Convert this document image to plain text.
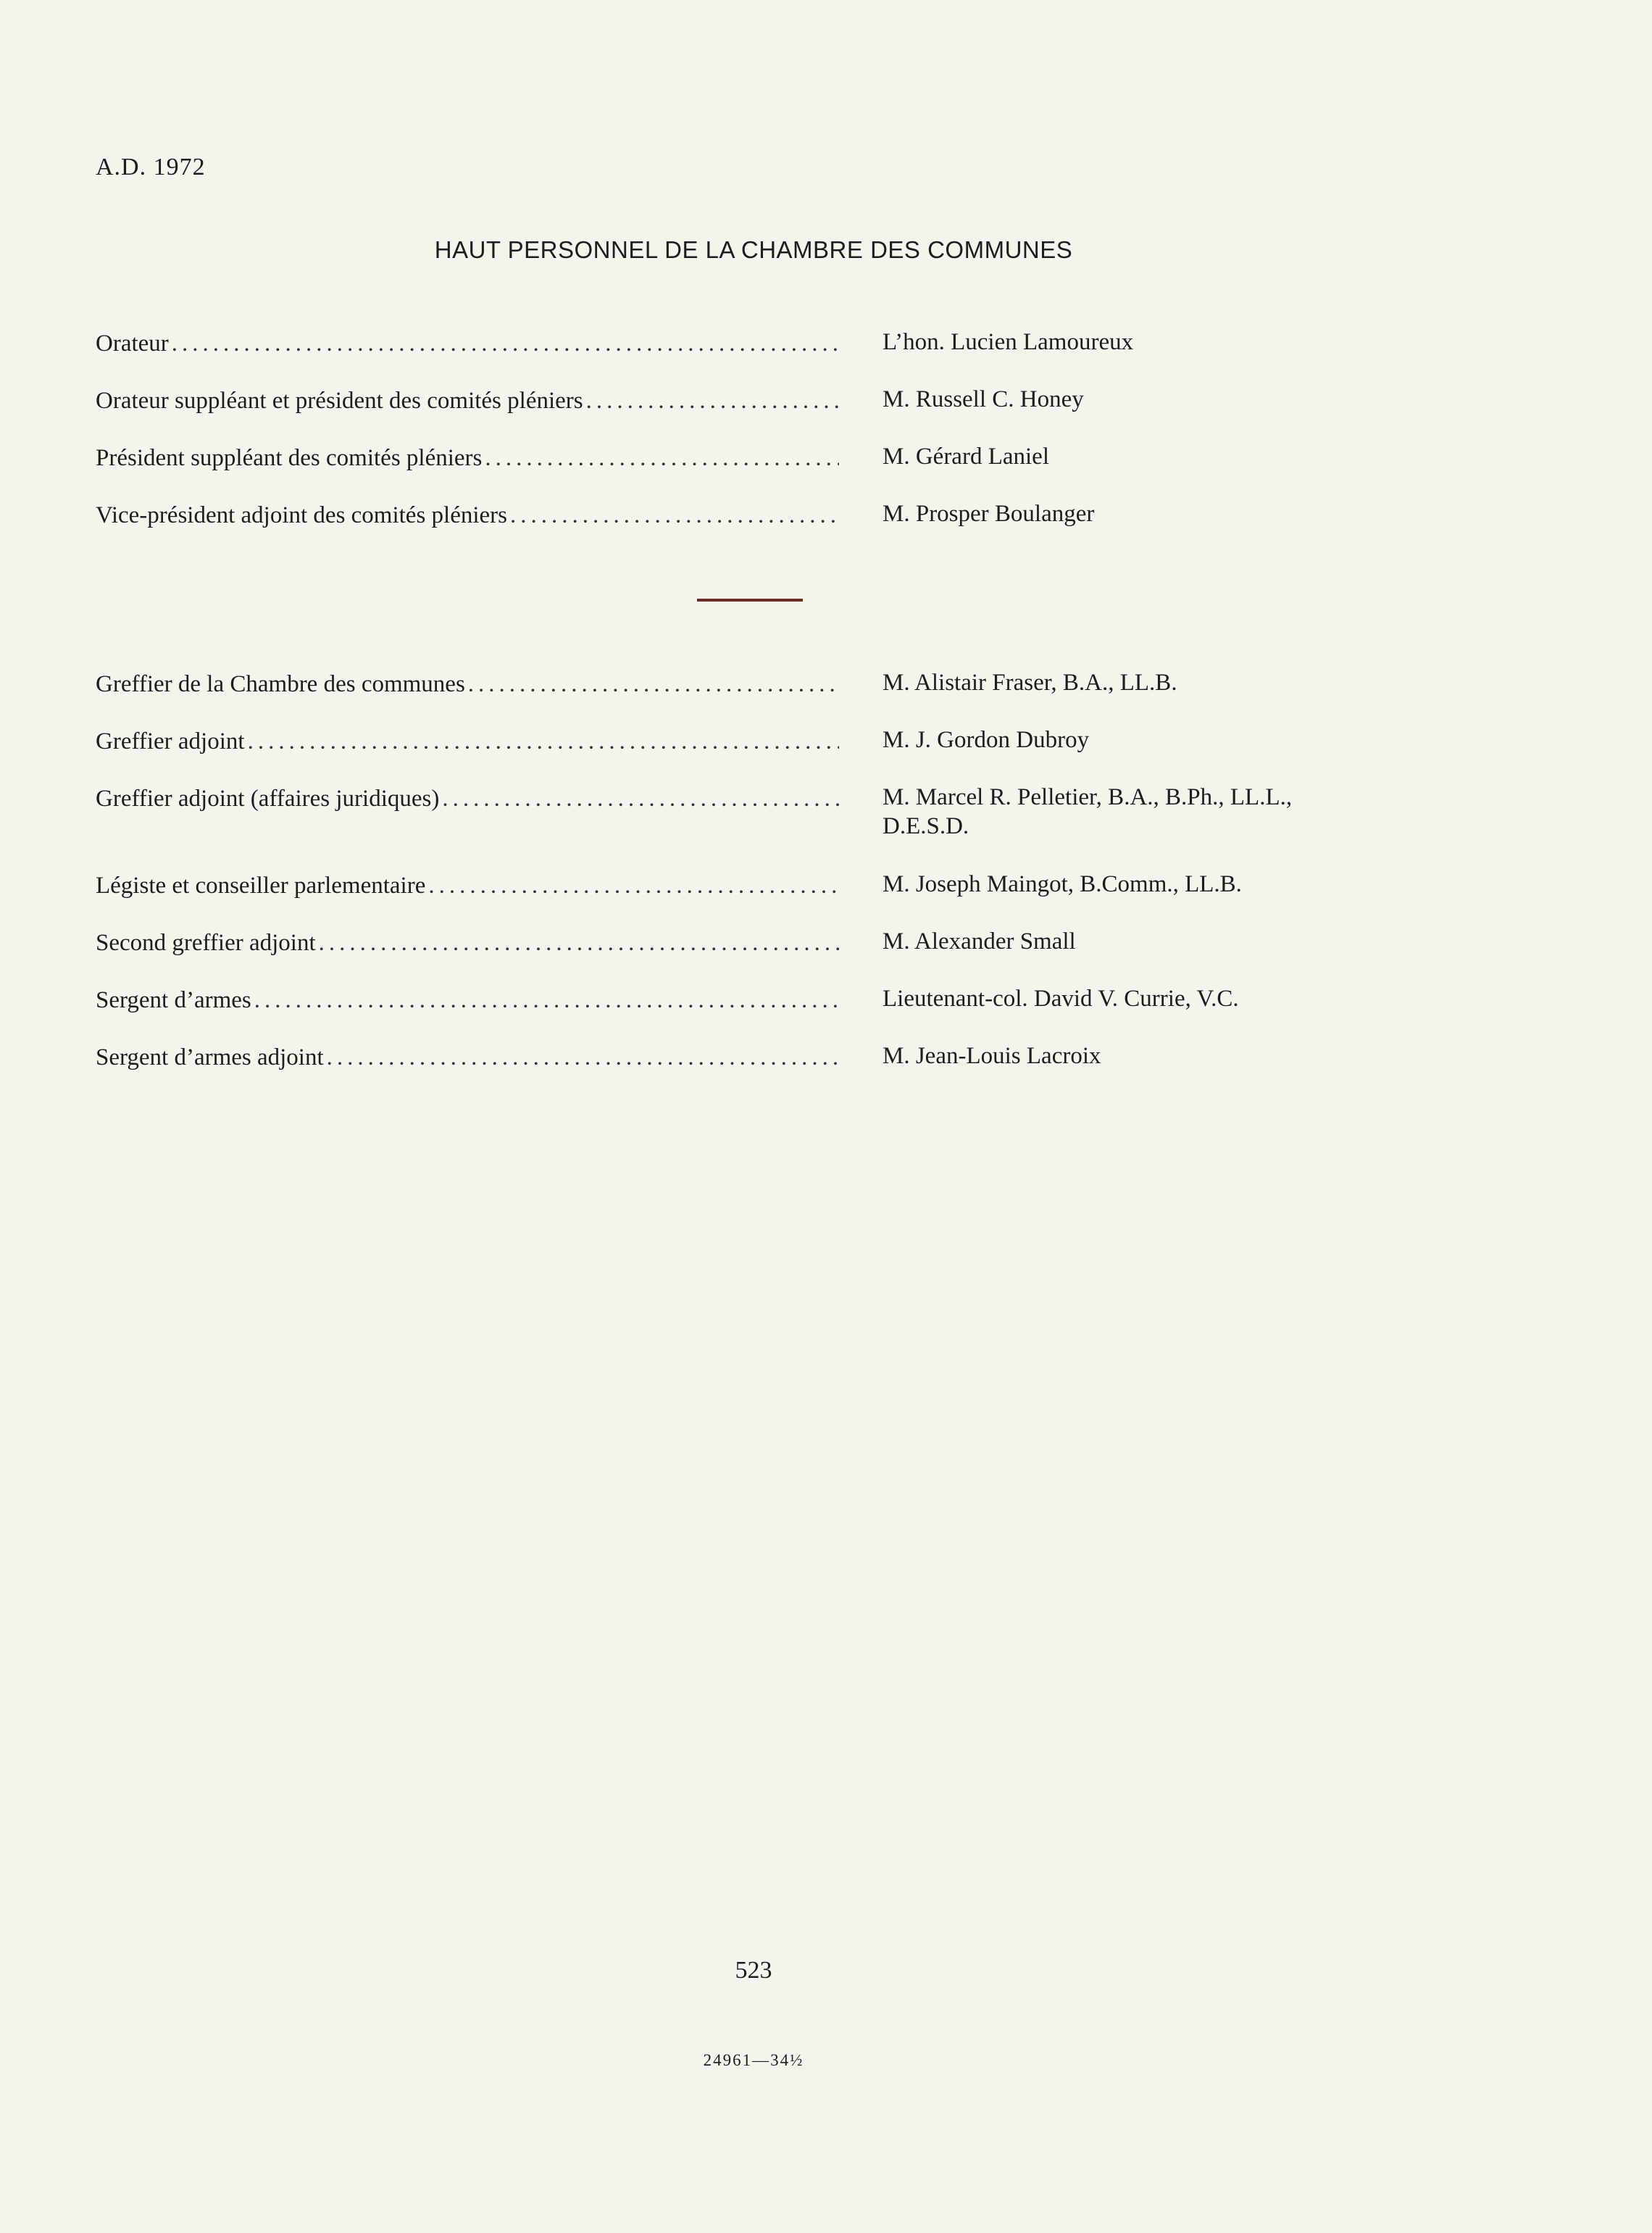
A.D. 1972
HAUT PERSONNEL DE LA CHAMBRE DES COMMUNES
Orateur .....	L’hon. Lucien Lamoureux
Orateur suppléant et président des comités pléniers .....	M. Russell C. Honey
Président suppléant des comités pléniers .....	M. Gérard Laniel
Vice-président adjoint des comités pléniers .....	M. Prosper Boulanger
Greffier de la Chambre des communes .....	M. Alistair Fraser, B.A., LL.B.
Greffier adjoint .....	M. J. Gordon Dubroy
Greffier adjoint (affaires juridiques) .....	M. Marcel R. Pelletier, B.A., B.Ph., LL.L.,
D.E.S.D.
Légiste et conseiller parlementaire .....	M. Joseph Maingot, B.Comm., LL.B.
Second greffier adjoint .....	M. Alexander Small
Sergent d’armes .....	Lieutenant-col. David V. Currie, V.C.
Sergent d’armes adjoint .....	M. Jean-Louis Lacroix
523
24961—34½
